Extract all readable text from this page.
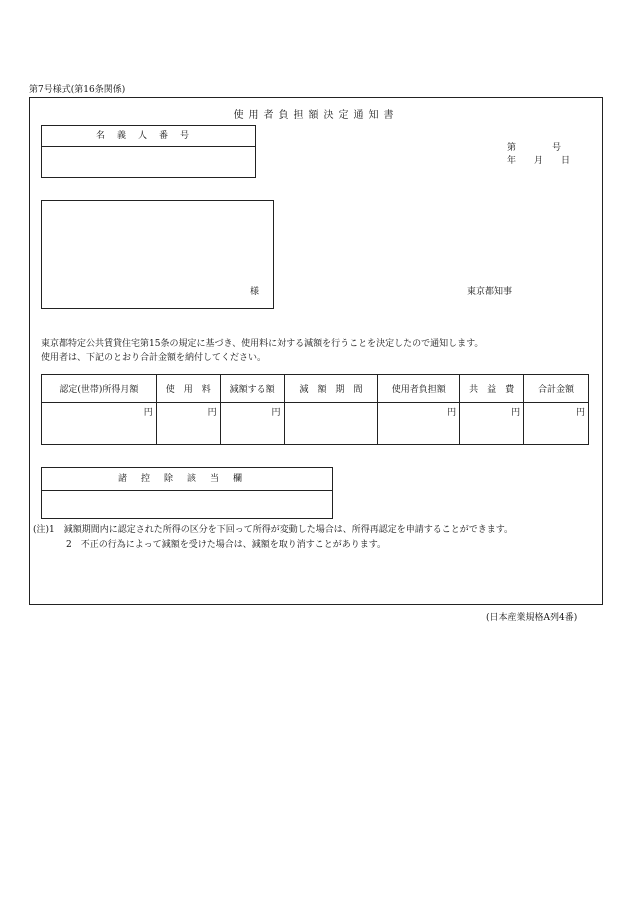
第7号様式(第16条関係)
使用者負担額決定通知書
名義人番号
第　　　　号
年　　月　　日
様	東京都知事
東京都特定公共賃貸住宅第15条の規定に基づき、使用料に対する減額を行うことを決定したので通知します。
使用者は、下記のとおり合計金額を納付してください。
認定(世帯)所得月額	使　用　料	減額する額	減　額　期　間	使用者負担額	共　益　費	合計金額
円	円	円		円	円	円
諸控除該当欄
(注)1　減額期間内に認定された所得の区分を下回って所得が変動した場合は、所得再認定を申請することができます。
2　不正の行為によって減額を受けた場合は、減額を取り消すことがあります。
(日本産業規格A列4番)
